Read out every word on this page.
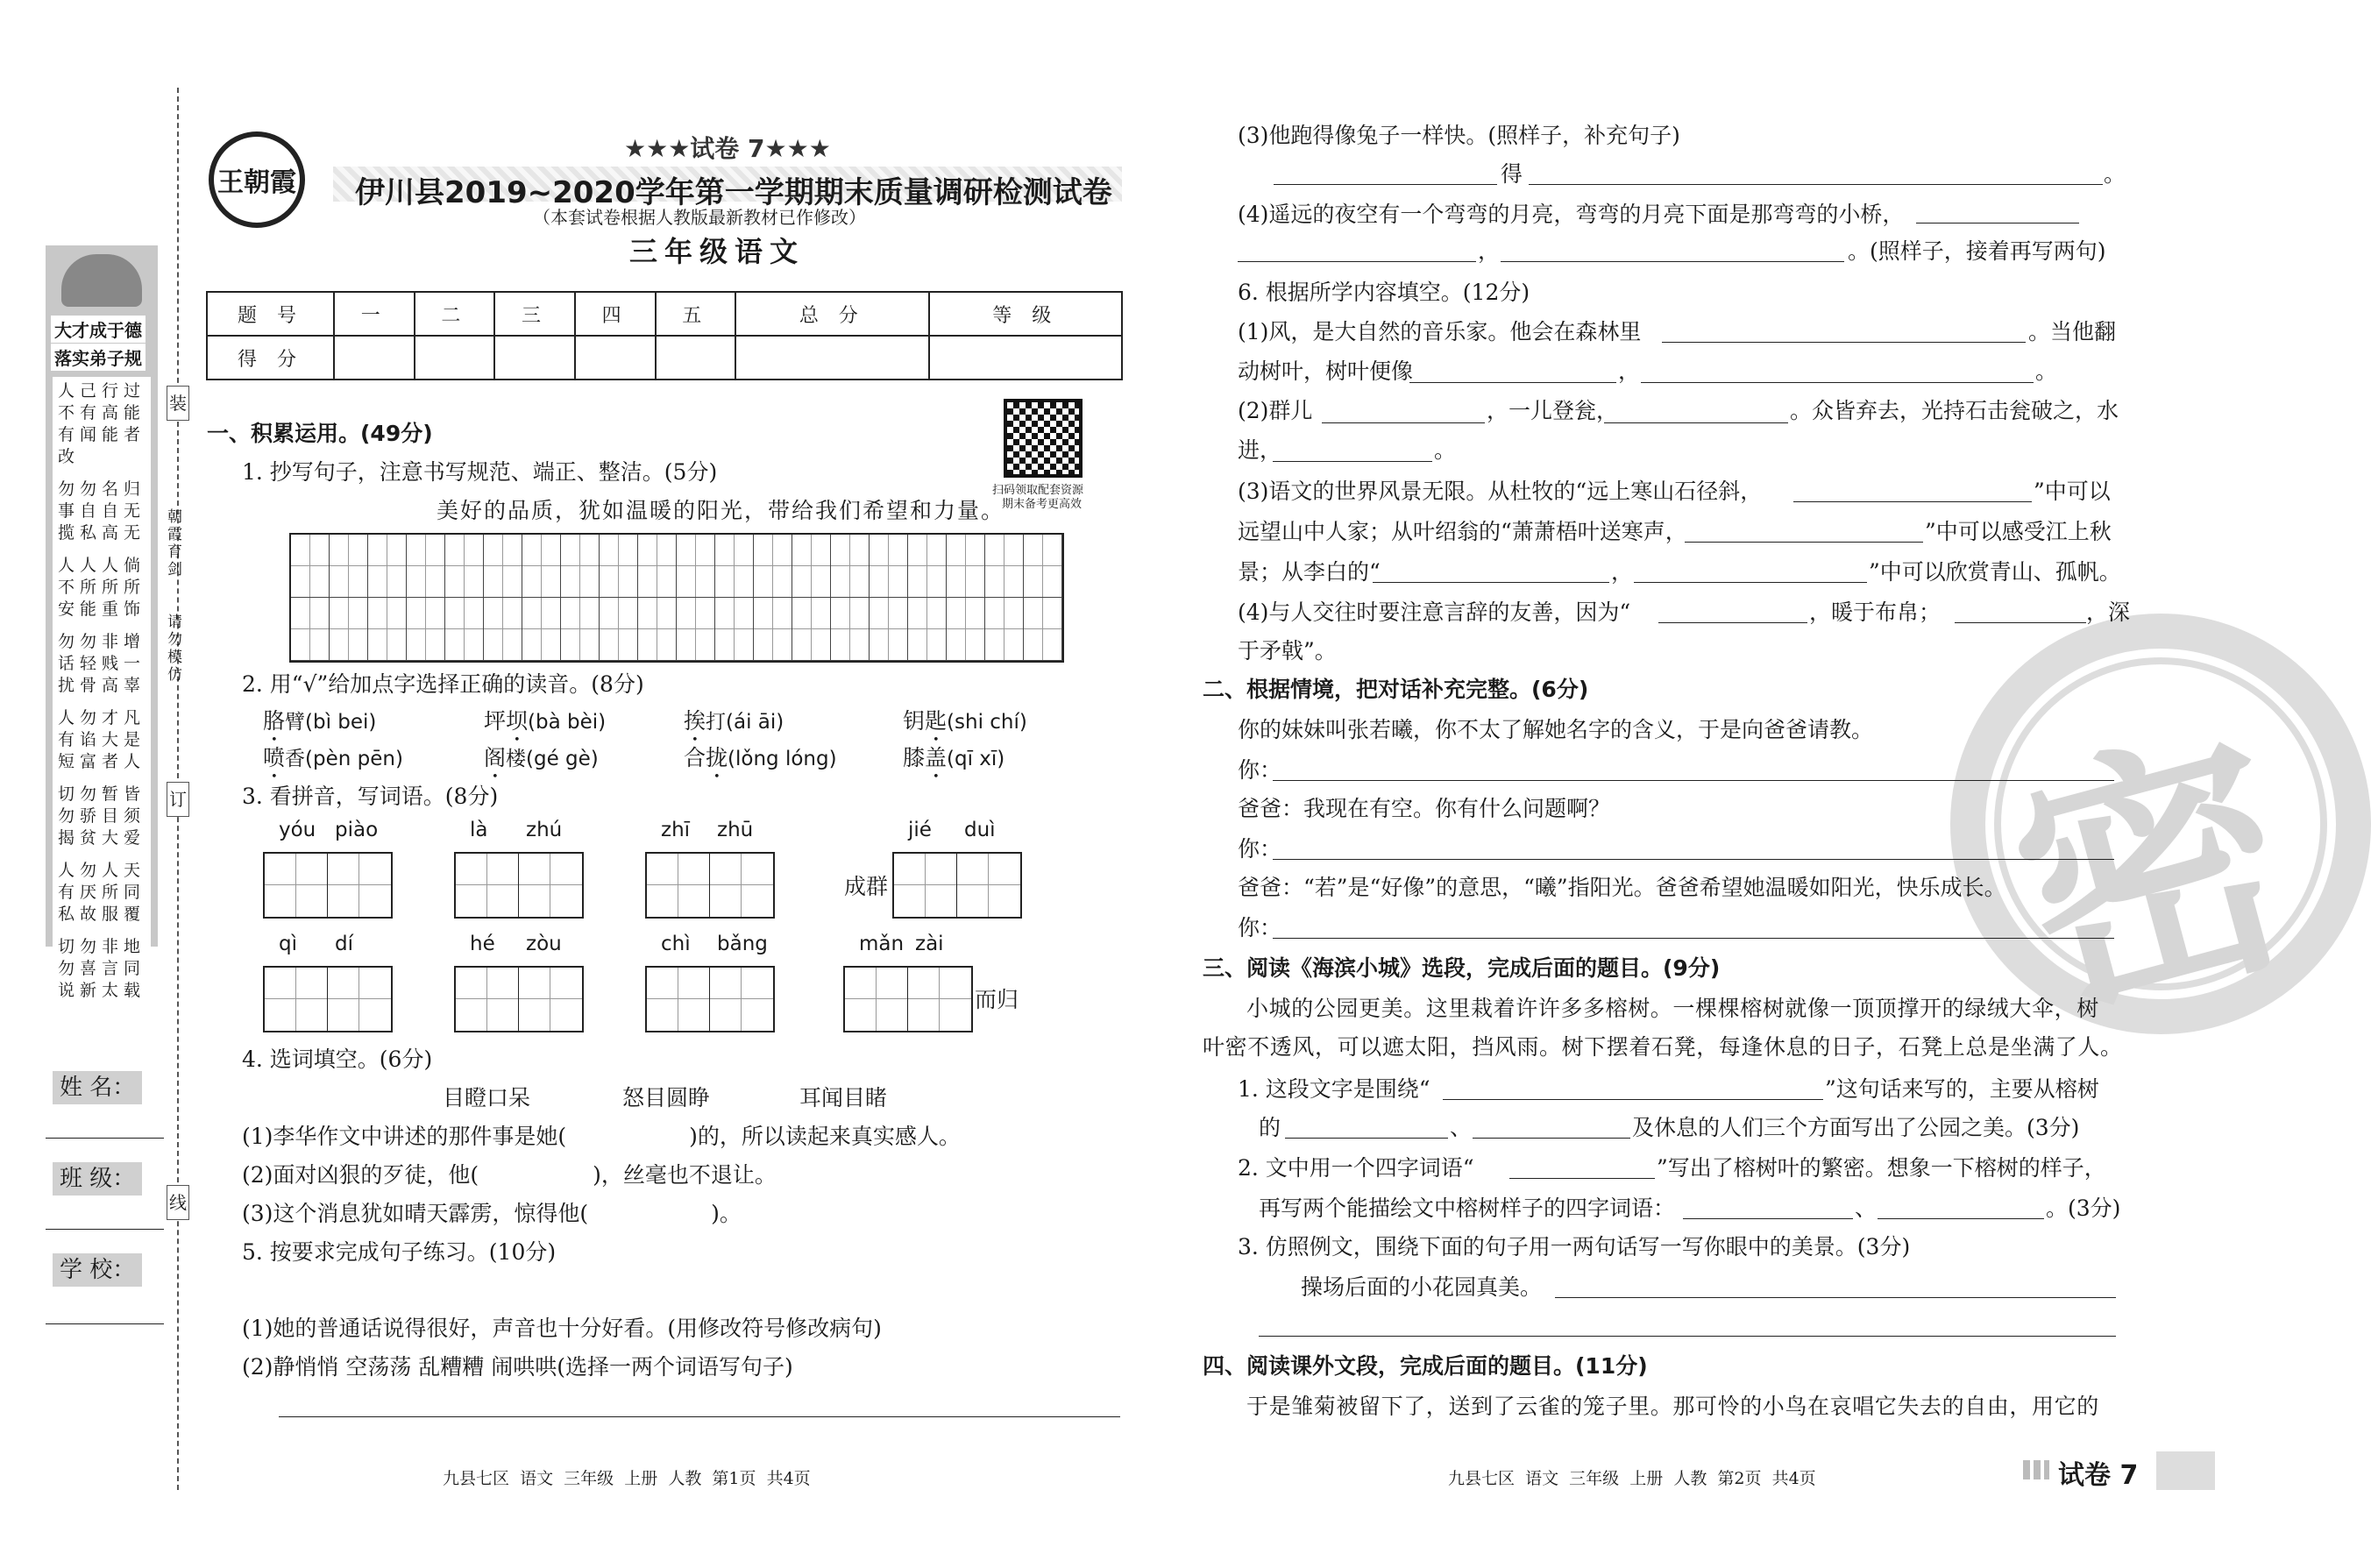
大才成于德
落实弟子规
人己行过
不有高能
有闻能者改
勿勿名归
事自自无
揽私高无
人人人倘
不所所所
安能重饰
勿勿非增
话轻贱一
扰骨高辜
人勿才凡
有谄大是
短富者人
切勿暂皆
勿骄目须
揭贫大爱
人勿人天
有厌所同
私故服覆
切勿非地
勿喜言同
说新太载
装
订
线
朝霞育剑
请勿模仿
姓 名：
班 级：
学 校：
王朝霞
★★★试卷 7★★★
伊川县2019~2020学年第一学期期末质量调研检测试卷
（本套试卷根据人教版最新教材已作修改）
三年级语文
题 号	一	二	三	四	五	总 分	等 级
得 分							
扫码领取配套资源
期末备考更高效
一、积累运用。(49分)
1. 抄写句子，注意书写规范、端正、整洁。(5分)
美好的品质，犹如温暖的阳光，带给我们希望和力量。
2. 用“√”给加点字选择正确的读音。(8分)
胳臂(bì bei)	坪坝(bà bèi)	挨打(ái āi)	钥匙(shi chí)
喷香(pèn pēn)	阁楼(gé gè)	合拢(lǒng lóng)	膝盖(qī xī)
3. 看拼音，写词语。(8分)
yóu piào	là zhú	zhī zhū	jié duì
qì dí	hé zòu	chì bǎng	mǎn zài
成群
而归
4. 选词填空。(6分)
目瞪口呆	怒目圆睁	耳闻目睹
(1)李华作文中讲述的那件事是她(	)的，所以读起来真实感人。
(2)面对凶狠的歹徒，他(	)，丝毫也不退让。
(3)这个消息犹如晴天霹雳，惊得他(	)。
5. 按要求完成句子练习。(10分)
(1)她的普通话说得很好，声音也十分好看。(用修改符号修改病句)
(2)静悄悄 空荡荡 乱糟糟 闹哄哄(选择一两个词语写句子)
九县七区  语文  三年级  上册  人教  第1页  共4页
密
(3)他跑得像兔子一样快。(照样子，补充句子)
得	。
(4)遥远的夜空有一个弯弯的月亮，弯弯的月亮下面是那弯弯的小桥，
，	。(照样子，接着再写两句)
6. 根据所学内容填空。(12分)
(1)风，是大自然的音乐家。他会在森林里	。当他翻
动树叶，树叶便像	，	。
(2)群儿	，一儿登瓮，	。众皆弃去，光持石击瓮破之，水
进，	。
(3)语文的世界风景无限。从杜牧的“远上寒山石径斜，	”中可以
远望山中人家；从叶绍翁的“萧萧梧叶送寒声，	”中可以感受江上秋
景；从李白的“	，	”中可以欣赏青山、孤帆。
(4)与人交往时要注意言辞的友善，因为“	，暖于布帛；	，深
于矛戟”。
二、根据情境，把对话补充完整。(6分)
你的妹妹叫张若曦，你不太了解她名字的含义，于是向爸爸请教。
你：
爸爸：我现在有空。你有什么问题啊？
你：
爸爸：“若”是“好像”的意思，“曦”指阳光。爸爸希望她温暖如阳光，快乐成长。
你：
三、阅读《海滨小城》选段，完成后面的题目。(9分)
小城的公园更美。这里栽着许许多多榕树。一棵棵榕树就像一顶顶撑开的绿绒大伞，树
叶密不透风，可以遮太阳，挡风雨。树下摆着石凳，每逢休息的日子，石凳上总是坐满了人。
1. 这段文字是围绕“	”这句话来写的，主要从榕树
的	、	及休息的人们三个方面写出了公园之美。(3分)
2. 文中用一个四字词语“	”写出了榕树叶的繁密。想象一下榕树的样子，
再写两个能描绘文中榕树样子的四字词语：	、	。(3分)
3. 仿照例文，围绕下面的句子用一两句话写一写你眼中的美景。(3分)
操场后面的小花园真美。
四、阅读课外文段，完成后面的题目。(11分)
于是雏菊被留下了，送到了云雀的笼子里。那可怜的小鸟在哀唱它失去的自由，用它的
九县七区  语文  三年级  上册  人教  第2页  共4页	试卷 7
